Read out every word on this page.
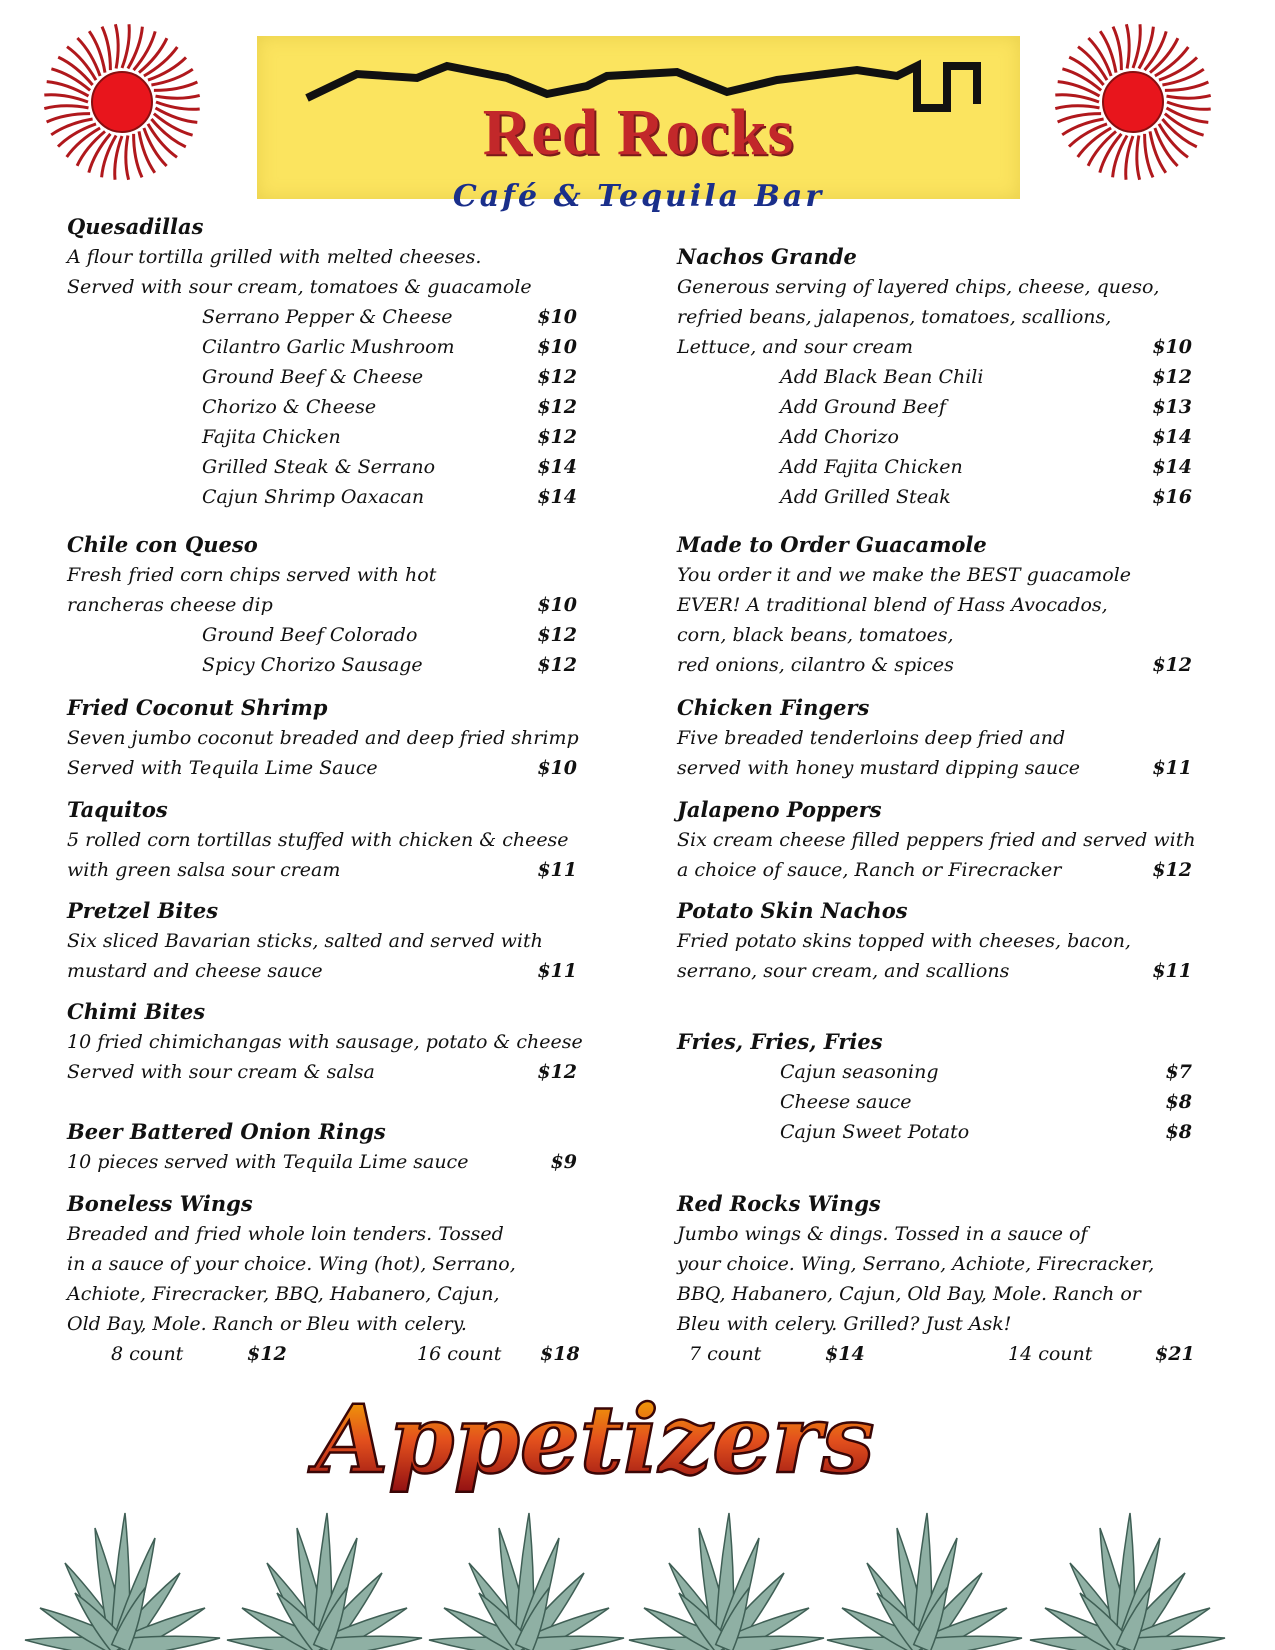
Red Rocks
Café & Tequila Bar
Quesadillas
A flour tortilla grilled with melted cheeses.
Served with sour cream, tomatoes & guacamole
Serrano Pepper & Cheese	$10
Cilantro Garlic Mushroom	$10
Ground Beef & Cheese	$12
Chorizo & Cheese	$12
Fajita Chicken	$12
Grilled Steak & Serrano	$14
Cajun Shrimp Oaxacan	$14
Chile con Queso
Fresh fried corn chips served with hot
rancheras cheese dip	$10
Ground Beef Colorado	$12
Spicy Chorizo Sausage	$12
Fried Coconut Shrimp
Seven jumbo coconut breaded and deep fried shrimp
Served with Tequila Lime Sauce	$10
Taquitos
5 rolled corn tortillas stuffed with chicken & cheese
with green salsa sour cream	$11
Pretzel Bites
Six sliced Bavarian sticks, salted and served with
mustard and cheese sauce	$11
Chimi Bites
10 fried chimichangas with sausage, potato & cheese
Served with sour cream & salsa	$12
Beer Battered Onion Rings
10 pieces served with Tequila Lime sauce	$9
Boneless Wings
Breaded and fried whole loin tenders. Tossed
in a sauce of your choice. Wing (hot), Serrano,
Achiote, Firecracker, BBQ, Habanero, Cajun,
Old Bay, Mole. Ranch or Bleu with celery.
8 count	$12	16 count $18
Nachos Grande
Generous serving of layered chips, cheese, queso,
refried beans, jalapenos, tomatoes, scallions,
Lettuce, and sour cream	$10
Add Black Bean Chili	$12
Add Ground Beef	$13
Add Chorizo	$14
Add Fajita Chicken	$14
Add Grilled Steak	$16
Made to Order Guacamole
You order it and we make the BEST guacamole
EVER! A traditional blend of Hass Avocados,
corn, black beans, tomatoes,
red onions, cilantro & spices	$12
Chicken Fingers
Five breaded tenderloins deep fried and
served with honey mustard dipping sauce	$11
Jalapeno Poppers
Six cream cheese filled peppers fried and served with
a choice of sauce, Ranch or Firecracker	$12
Potato Skin Nachos
Fried potato skins topped with cheeses, bacon,
serrano, sour cream, and scallions	$11
Fries, Fries, Fries
Cajun seasoning	$7
Cheese sauce	$8
Cajun Sweet Potato	$8
Red Rocks Wings
Jumbo wings & dings. Tossed in a sauce of
your choice. Wing, Serrano, Achiote, Firecracker,
BBQ, Habanero, Cajun, Old Bay, Mole. Ranch or
Bleu with celery. Grilled? Just Ask!
7 count	$14	14 count	$21
Appetizers
